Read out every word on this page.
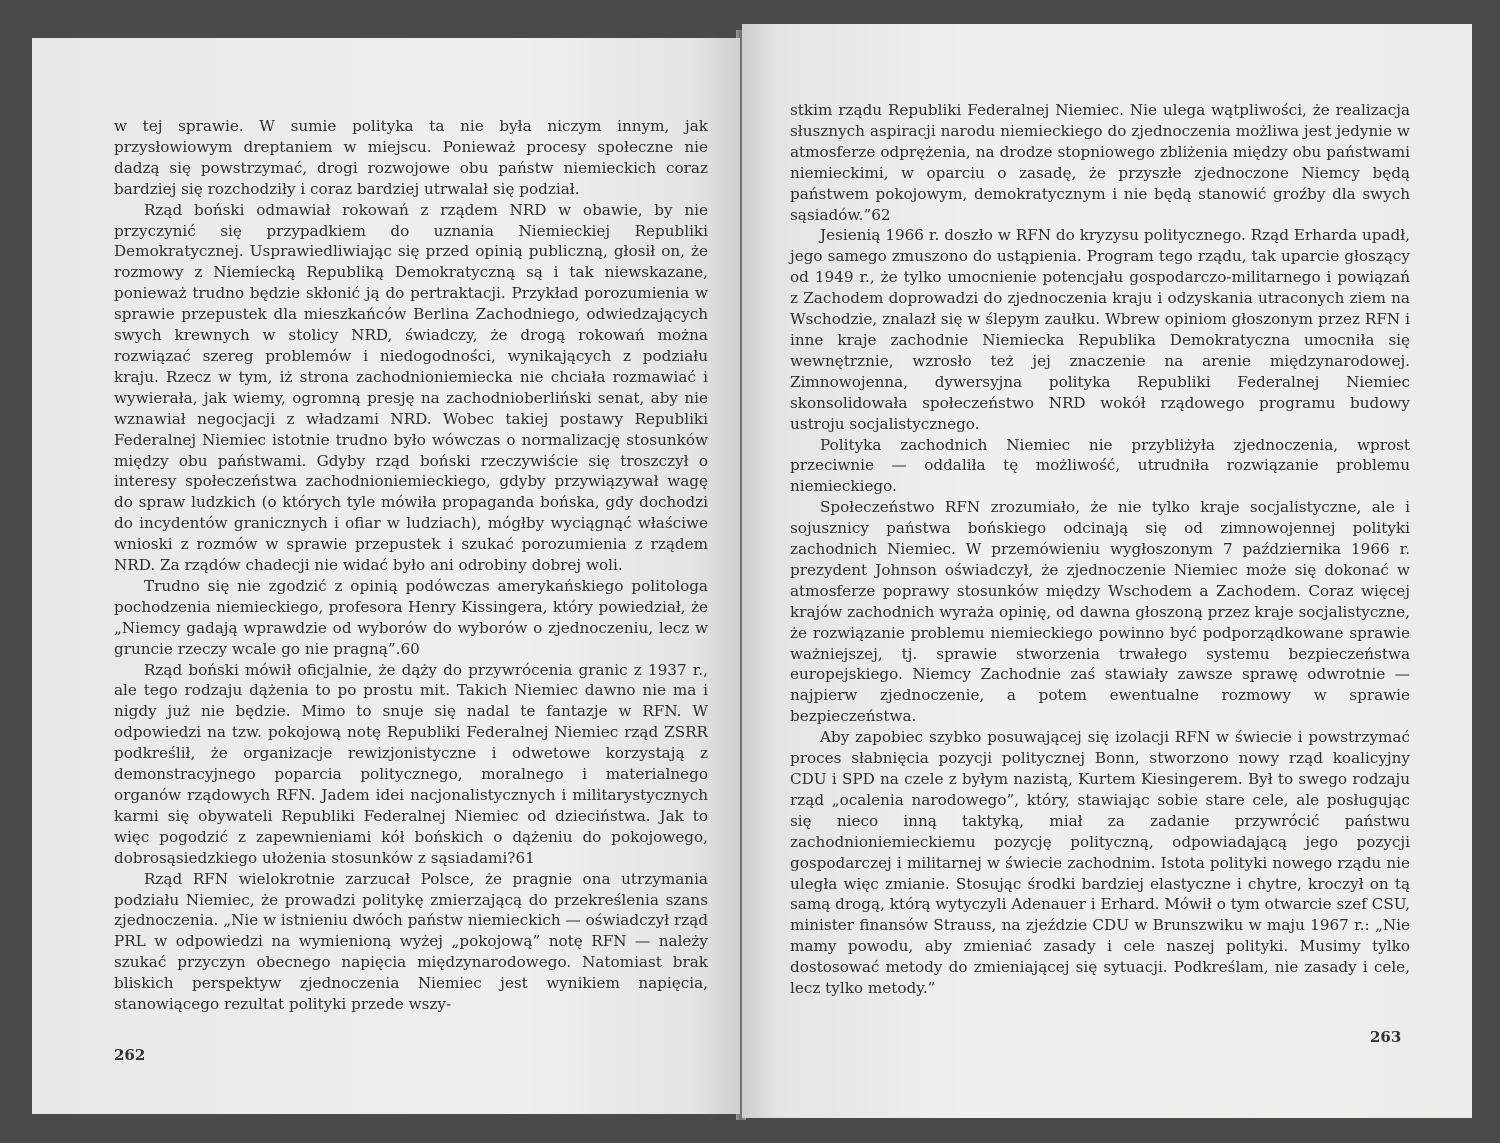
w tej sprawie. W sumie polityka ta nie była niczym innym, jak przysłowiowym dreptaniem w miejscu. Ponieważ procesy społeczne nie dadzą się powstrzymać, drogi rozwojowe obu państw niemieckich coraz bardziej się rozchodziły i coraz bardziej utrwalał się podział.

Rząd boński odmawiał rokowań z rządem NRD w obawie, by nie przyczynić się przypadkiem do uznania Niemieckiej Republiki Demokratycznej. Usprawiedliwiając się przed opinią publiczną, głosił on, że rozmowy z Niemiecką Republiką Demokratyczną są i tak niewskazane, ponieważ trudno będzie skłonić ją do pertraktacji. Przykład porozumienia w sprawie przepustek dla mieszkańców Berlina Zachodniego, odwiedzających swych krewnych w stolicy NRD, świadczy, że drogą rokowań można rozwiązać szereg problemów i niedogodności, wynikających z podziału kraju. Rzecz w tym, iż strona zachodnioniemiecka nie chciała rozmawiać i wywierała, jak wiemy, ogromną presję na zachodnioberliński senat, aby nie wznawiał negocjacji z władzami NRD. Wobec takiej postawy Republiki Federalnej Niemiec istotnie trudno było wówczas o normalizację stosunków między obu państwami. Gdyby rząd boński rzeczywiście się troszczył o interesy społeczeństwa zachodnioniemieckiego, gdyby przywiązywał wagę do spraw ludzkich (o których tyle mówiła propaganda bońska, gdy dochodzi do incydentów granicznych i ofiar w ludziach), mógłby wyciągnąć właściwe wnioski z rozmów w sprawie przepustek i szukać porozumienia z rządem NRD. Za rządów chadecji nie widać było ani odrobiny dobrej woli.

Trudno się nie zgodzić z opinią podówczas amerykańskiego politologa pochodzenia niemieckiego, profesora Henry Kissingera, który powiedział, że „Niemcy gadają wprawdzie od wyborów do wyborów o zjednoczeniu, lecz w gruncie rzeczy wcale go nie pragną”.60

Rząd boński mówił oficjalnie, że dąży do przywrócenia granic z 1937 r., ale tego rodzaju dążenia to po prostu mit. Takich Niemiec dawno nie ma i nigdy już nie będzie. Mimo to snuje się nadal te fantazje w RFN. W odpowiedzi na tzw. pokojową notę Republiki Federalnej Niemiec rząd ZSRR podkreślił, że organizacje rewizjonistyczne i odwetowe korzystają z demonstracyjnego poparcia politycznego, moralnego i materialnego organów rządowych RFN. Jadem idei nacjonalistycznych i militarystycznych karmi się obywateli Republiki Federalnej Niemiec od dzieciństwa. Jak to więc pogodzić z zapewnieniami kół bońskich o dążeniu do pokojowego, dobrosąsiedzkiego ułożenia stosunków z sąsiadami?61

Rząd RFN wielokrotnie zarzucał Polsce, że pragnie ona utrzymania podziału Niemiec, że prowadzi politykę zmierzającą do przekreślenia szans zjednoczenia. „Nie w istnieniu dwóch państw niemieckich — oświadczył rząd PRL w odpowiedzi na wymienioną wyżej „pokojową” notę RFN — należy szukać przyczyn obecnego napięcia międzynarodowego. Natomiast brak bliskich perspektyw zjednoczenia Niemiec jest wynikiem napięcia, stanowiącego rezultat polityki przede wszy-

262

stkim rządu Republiki Federalnej Niemiec. Nie ulega wątpliwości, że realizacja słusznych aspiracji narodu niemieckiego do zjednoczenia możliwa jest jedynie w atmosferze odprężenia, na drodze stopniowego zbliżenia między obu państwami niemieckimi, w oparciu o zasadę, że przyszłe zjednoczone Niemcy będą państwem pokojowym, demokratycznym i nie będą stanowić groźby dla swych sąsiadów.”62

Jesienią 1966 r. doszło w RFN do kryzysu politycznego. Rząd Erharda upadł, jego samego zmuszono do ustąpienia. Program tego rządu, tak uparcie głoszący od 1949 r., że tylko umocnienie potencjału gospodarczo-militarnego i powiązań z Zachodem doprowadzi do zjednoczenia kraju i odzyskania utraconych ziem na Wschodzie, znalazł się w ślepym zaułku. Wbrew opiniom głoszonym przez RFN i inne kraje zachodnie Niemiecka Republika Demokratyczna umocniła się wewnętrznie, wzrosło też jej znaczenie na arenie międzynarodowej. Zimnowojenna, dywersyjna polityka Republiki Federalnej Niemiec skonsolidowała społeczeństwo NRD wokół rządowego programu budowy ustroju socjalistycznego.

Polityka zachodnich Niemiec nie przybliżyła zjednoczenia, wprost przeciwnie — oddaliła tę możliwość, utrudniła rozwiązanie problemu niemieckiego.

Społeczeństwo RFN zrozumiało, że nie tylko kraje socjalistyczne, ale i sojusznicy państwa bońskiego odcinają się od zimnowojennej polityki zachodnich Niemiec. W przemówieniu wygłoszonym 7 października 1966 r. prezydent Johnson oświadczył, że zjednoczenie Niemiec może się dokonać w atmosferze poprawy stosunków między Wschodem a Zachodem. Coraz więcej krajów zachodnich wyraża opinię, od dawna głoszoną przez kraje socjalistyczne, że rozwiązanie problemu niemieckiego powinno być podporządkowane sprawie ważniejszej, tj. sprawie stworzenia trwałego systemu bezpieczeństwa europejskiego. Niemcy Zachodnie zaś stawiały zawsze sprawę odwrotnie — najpierw zjednoczenie, a potem ewentualne rozmowy w sprawie bezpieczeństwa.

Aby zapobiec szybko posuwającej się izolacji RFN w świecie i powstrzymać proces słabnięcia pozycji politycznej Bonn, stworzono nowy rząd koalicyjny CDU i SPD na czele z byłym nazistą, Kurtem Kiesingerem. Był to swego rodzaju rząd „ocalenia narodowego”, który, stawiając sobie stare cele, ale posługując się nieco inną taktyką, miał za zadanie przywrócić państwu zachodnioniemieckiemu pozycję polityczną, odpowiadającą jego pozycji gospodarczej i militarnej w świecie zachodnim. Istota polityki nowego rządu nie uległa więc zmianie. Stosując środki bardziej elastyczne i chytre, kroczył on tą samą drogą, którą wytyczyli Adenauer i Erhard. Mówił o tym otwarcie szef CSU, minister finansów Strauss, na zjeździe CDU w Brunszwiku w maju 1967 r.: „Nie mamy powodu, aby zmieniać zasady i cele naszej polityki. Musimy tylko dostosować metody do zmieniającej się sytuacji. Podkreślam, nie zasady i cele, lecz tylko metody.”

263
